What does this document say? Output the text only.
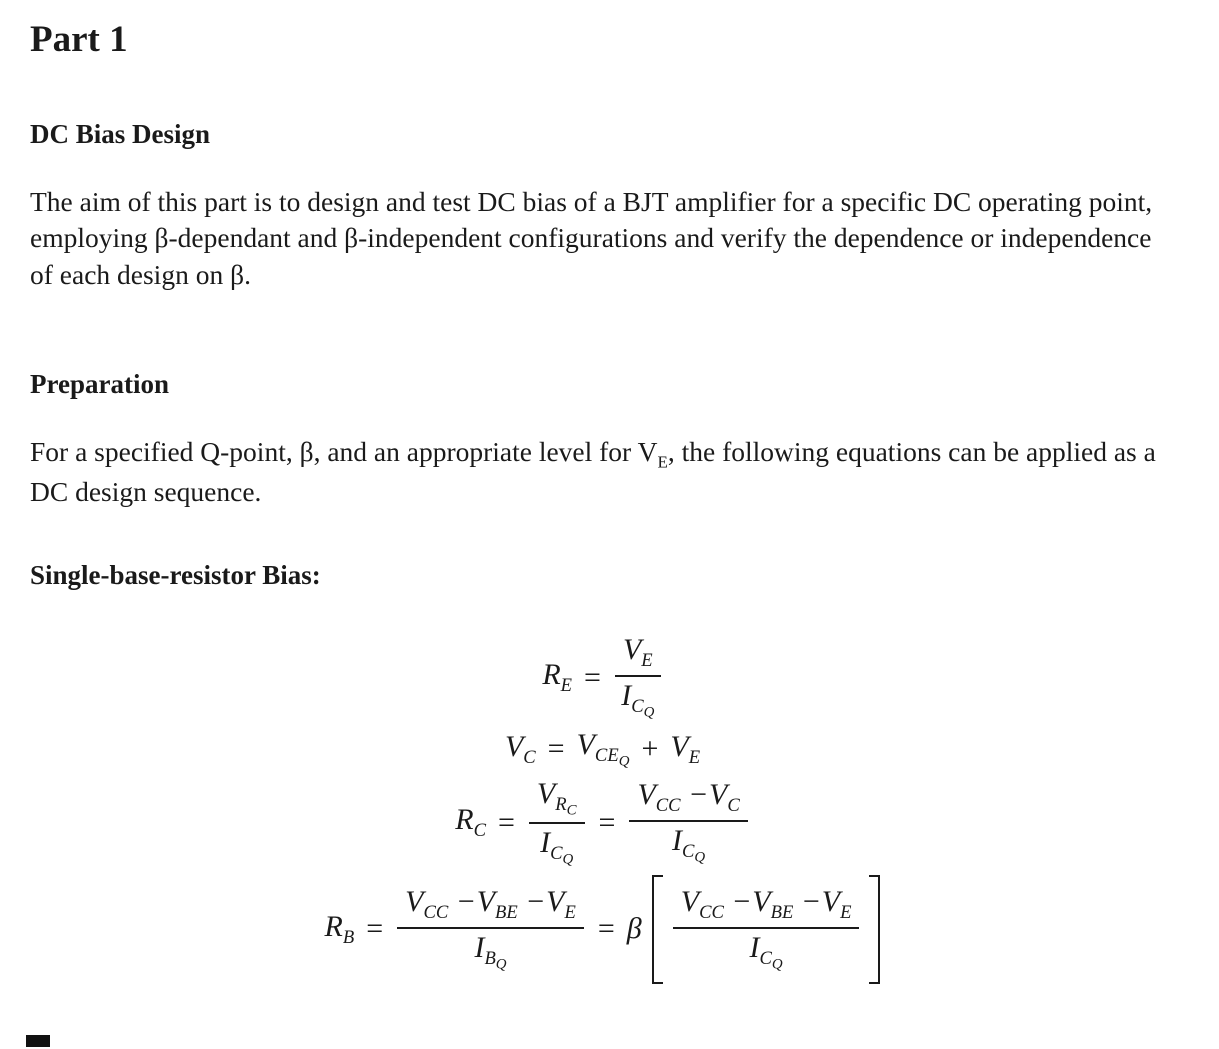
Part 1
DC Bias Design

The aim of this part is to design and test DC bias of a BJT amplifier for a specific DC operating point, employing β-dependant and β-independent configurations and verify the dependence or independence of each design on β.

Preparation

For a specified Q-point, β, and an appropriate level for $V_E$, the following equations can be applied as a DC design sequence.

Single-base-resistor Bias:
$R_E = \frac{V_E}{I_{C_Q}}$
$V_C = V_{CE_Q} + V_E$
$R_C = \frac{V_{R_C}}{I_{C_Q}} = \frac{V_{CC} -V_C}{I_{C_Q}}$
$R_B = \frac{V_{CC} -V_{BE} -V_E}{I_{B_Q}} = \beta \frac{V_{CC} -V_{BE} -V_E}{I_{C_Q}}$
